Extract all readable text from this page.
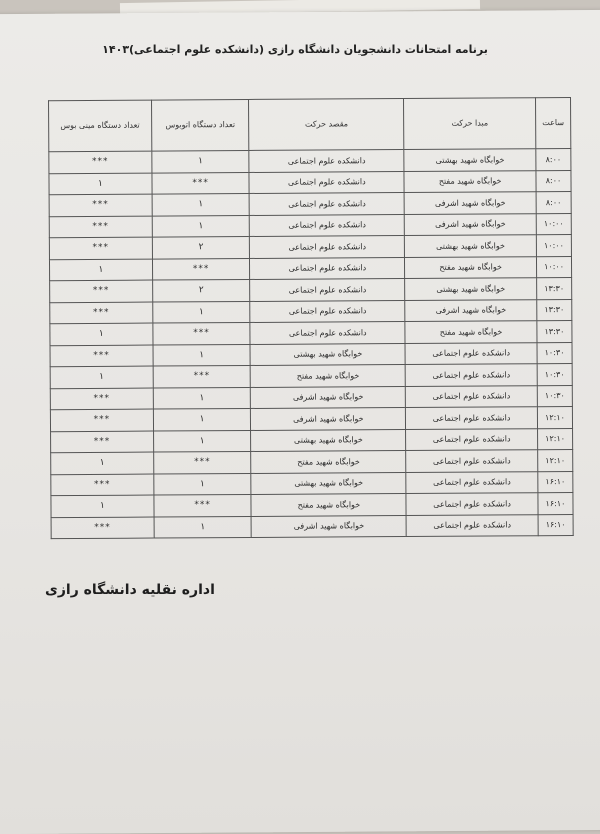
برنامه امتحانات دانشجویان دانشگاه رازی (دانشکده علوم اجتماعی)۱۴۰۳
ساعت	مبدا حرکت	مقصد حرکت	تعداد دستگاه اتوبوس	تعداد دستگاه مینی بوس
۸:۰۰	خوابگاه شهید بهشتی	دانشکده علوم اجتماعی	۱	***
۸:۰۰	خوابگاه شهید مفتح	دانشکده علوم اجتماعی	***	۱
۸:۰۰	خوابگاه شهید اشرفی	دانشکده علوم اجتماعی	۱	***
۱۰:۰۰	خوابگاه شهید اشرفی	دانشکده علوم اجتماعی	۱	***
۱۰:۰۰	خوابگاه شهید بهشتی	دانشکده علوم اجتماعی	۲	***
۱۰:۰۰	خوابگاه شهید مفتح	دانشکده علوم اجتماعی	***	۱
۱۳:۳۰	خوابگاه شهید بهشتی	دانشکده علوم اجتماعی	۲	***
۱۳:۳۰	خوابگاه شهید اشرفی	دانشکده علوم اجتماعی	۱	***
۱۳:۳۰	خوابگاه شهید مفتح	دانشکده علوم اجتماعی	***	۱
۱۰:۳۰	دانشکده علوم اجتماعی	خوابگاه شهید بهشتی	۱	***
۱۰:۳۰	دانشکده علوم اجتماعی	خوابگاه شهید مفتح	***	۱
۱۰:۳۰	دانشکده علوم اجتماعی	خوابگاه شهید اشرفی	۱	***
۱۲:۱۰	دانشکده علوم اجتماعی	خوابگاه شهید اشرفی	۱	***
۱۲:۱۰	دانشکده علوم اجتماعی	خوابگاه شهید بهشتی	۱	***
۱۲:۱۰	دانشکده علوم اجتماعی	خوابگاه شهید مفتح	***	۱
۱۶:۱۰	دانشکده علوم اجتماعی	خوابگاه شهید بهشتی	۱	***
۱۶:۱۰	دانشکده علوم اجتماعی	خوابگاه شهید مفتح	***	۱
۱۶:۱۰	دانشکده علوم اجتماعی	خوابگاه شهید اشرفی	۱	***
اداره نقلیه دانشگاه رازی
